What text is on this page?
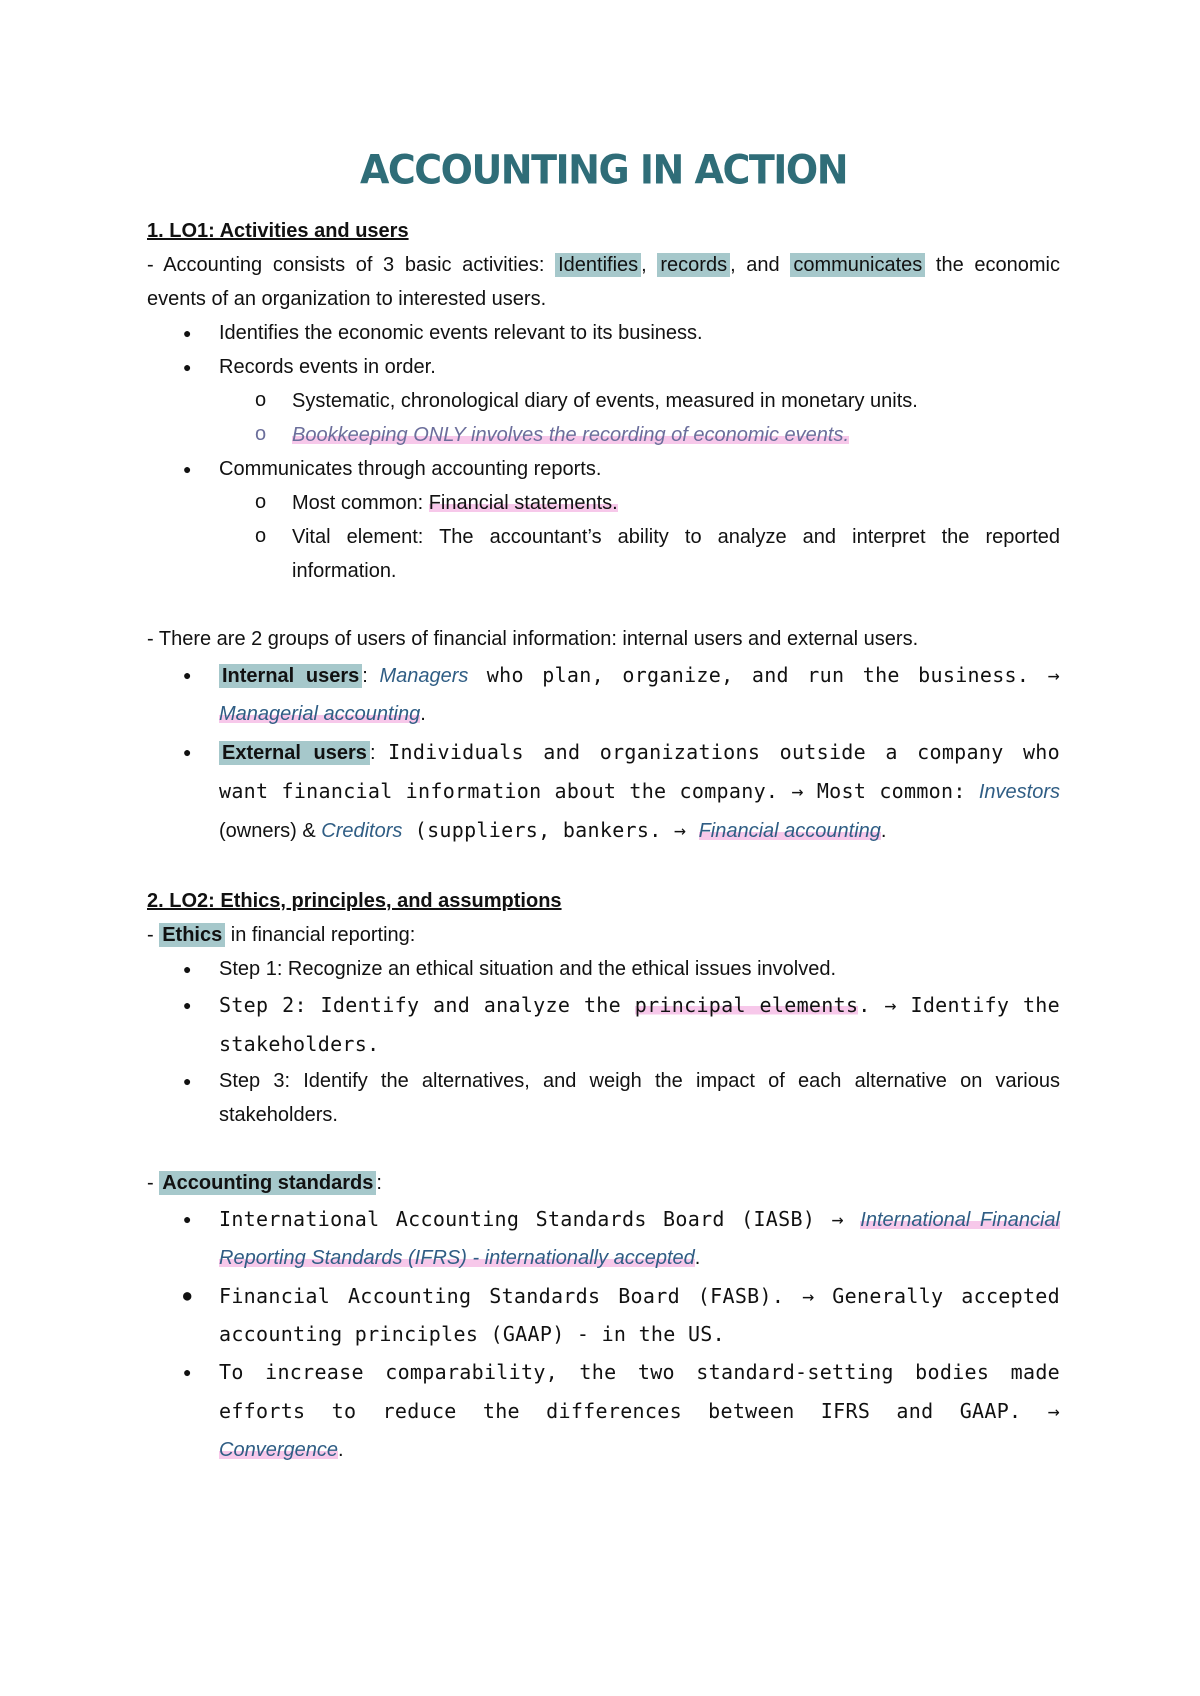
ACCOUNTING IN ACTION
1. LO1: Activities and users

- Accounting consists of 3 basic activities: Identifies , records , and communicates the economic events of an organization to interested users.

● Identifies the economic events relevant to its business.
● Records events in order.
o Systematic, chronological diary of events, measured in monetary units.
o Bookkeeping ONLY involves the recording of economic events.
● Communicates through accounting reports.
o Most common: Financial statements.
o Vital element: The accountant’s ability to analyze and interpret the reported information.

- There are 2 groups of users of financial information: internal users and external users.

● Internal users : Managers who plan, organize, and run the business. → Managerial accounting.
● External users : Individuals and organizations outside a company who want financial information about the company. → Most common: Investors (owners) & Creditors (suppliers, bankers. → Financial accounting.
2. LO2: Ethics, principles, and assumptions

- Ethics in financial reporting:

● Step 1: Recognize an ethical situation and the ethical issues involved.
● Step 2: Identify and analyze the principal elements. → Identify the stakeholders.
● Step 3: Identify the alternatives, and weigh the impact of each alternative on various stakeholders.

- Accounting standards :

● International Accounting Standards Board (IASB) → International Financial Reporting Standards (IFRS) - internationally accepted.
● Financial Accounting Standards Board (FASB). → Generally accepted accounting principles (GAAP) - in the US.
● To increase comparability, the two standard-setting bodies made efforts to reduce the differences between IFRS and GAAP. → Convergence.
